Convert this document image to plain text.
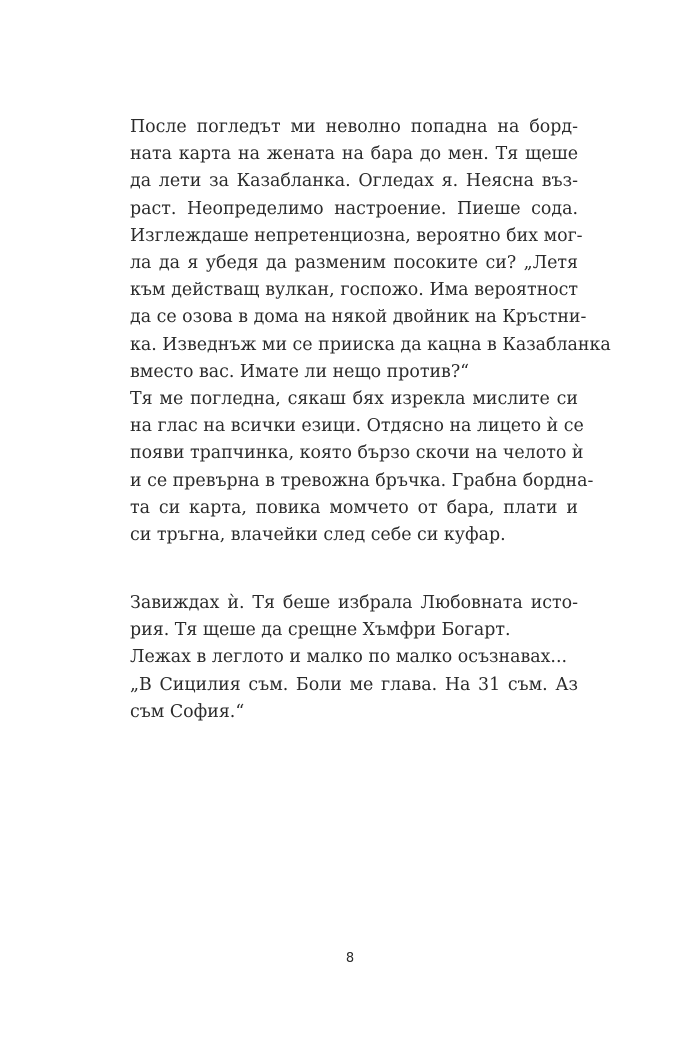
После погледът ми неволно попадна на борд-
ната карта на жената на бара до мен. Тя щеше
да лети за Казабланка. Огледах я. Неясна въз-
раст. Неопределимо настроение. Пиеше сода.
Изглеждаше непретенциозна, вероятно бих мог-
ла да я убедя да разменим посоките си? „Летя
към действащ вулкан, госпожо. Има вероятност
да се озова в дома на някой двойник на Кръстни-
ка. Изведнъж ми се прииска да кацна в Казабланка
вместо вас. Имате ли нещо против?“

Тя ме погледна, сякаш бях изрекла мислите си
на глас на всички езици. Отдясно на лицето ѝ се
появи трапчинка, която бързо скочи на челото ѝ
и се превърна в тревожна бръчка. Грабна бордна-
та си карта, повика момчето от бара, плати и
си тръгна, влачейки след себе си куфар.

Завиждах ѝ. Тя беше избрала Любовната исто-
рия. Тя щеше да срещне Хъмфри Богарт.

Лежах в леглото и малко по малко осъзнавах...

„В Сицилия съм. Боли ме глава. На 31 съм. Аз
съм София.“

8
